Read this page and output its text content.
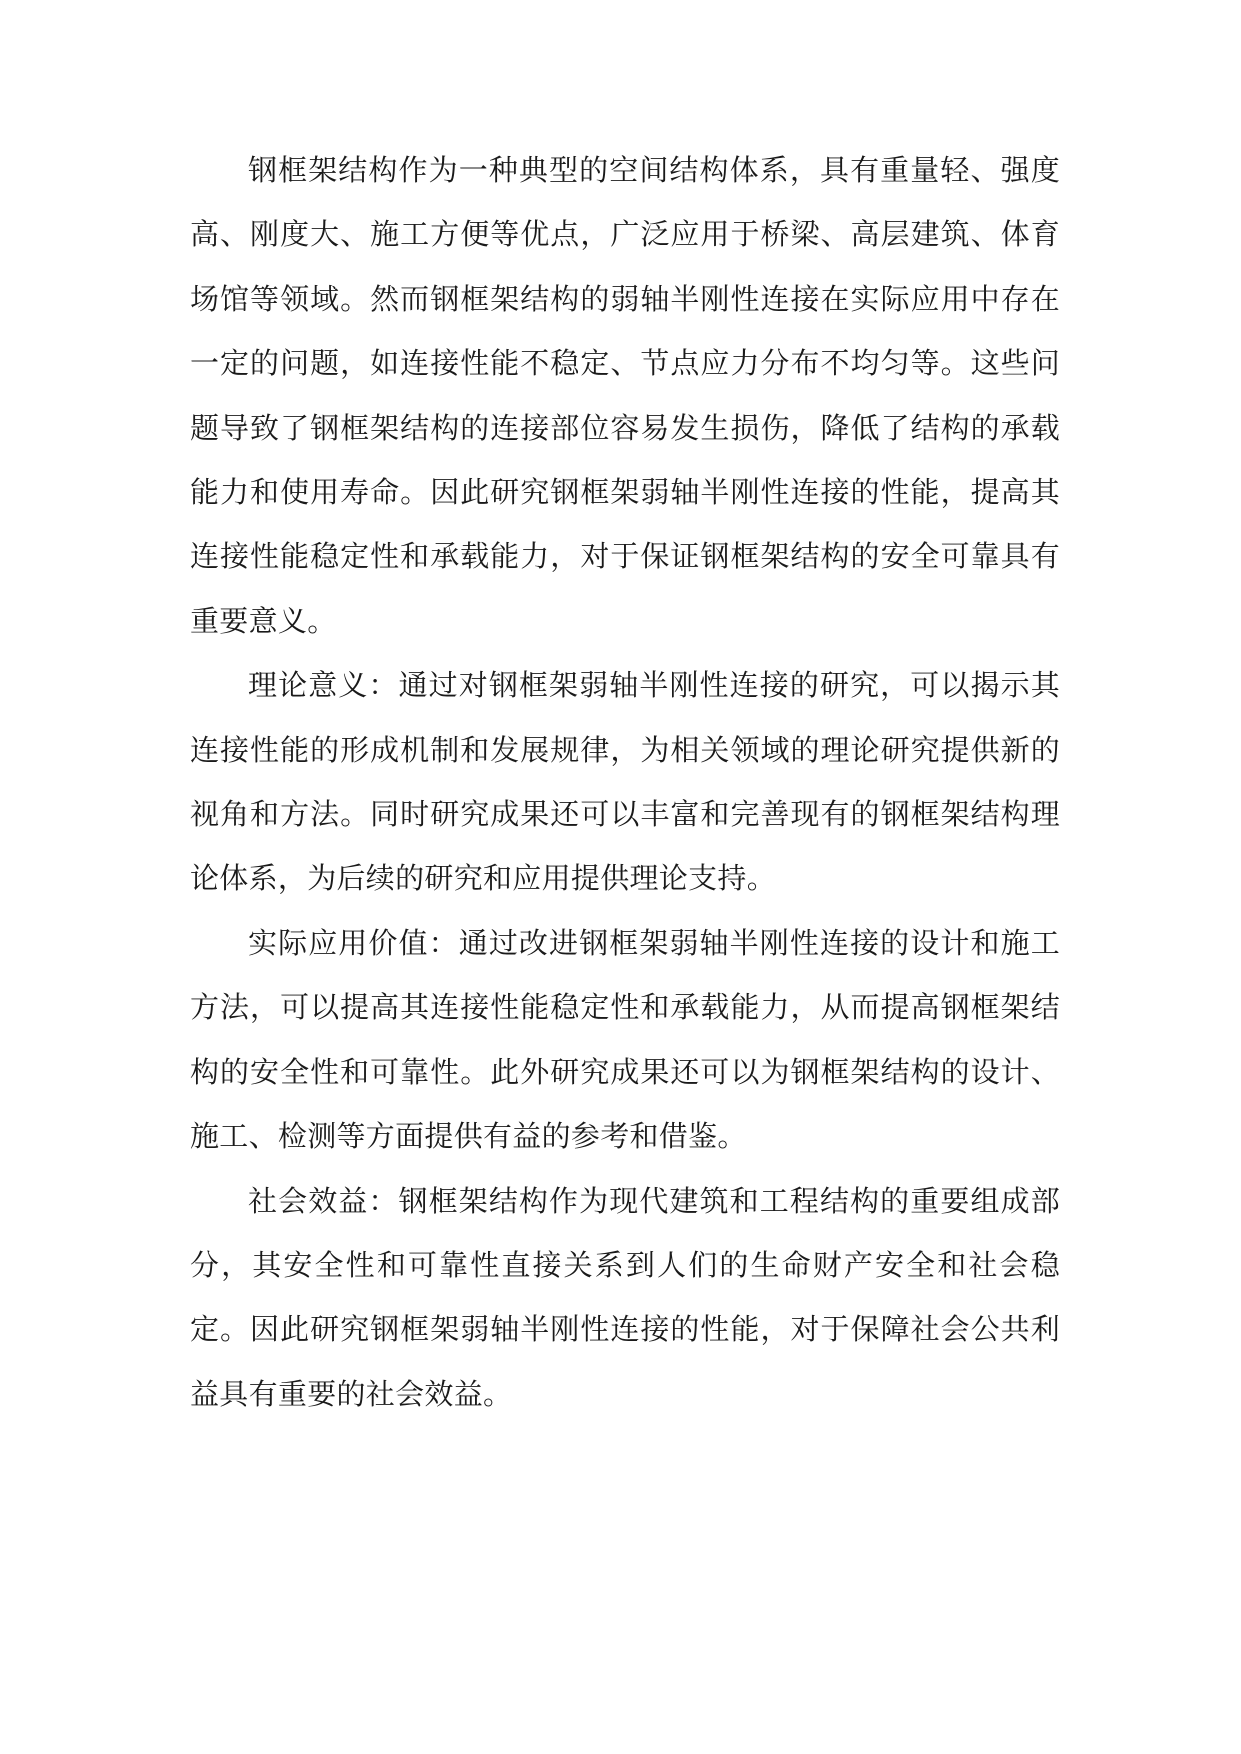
钢框架结构作为一种典型的空间结构体系，具有重量轻、强度高、刚度大、施工方便等优点，广泛应用于桥梁、高层建筑、体育场馆等领域。然而钢框架结构的弱轴半刚性连接在实际应用中存在一定的问题，如连接性能不稳定、节点应力分布不均匀等。这些问题导致了钢框架结构的连接部位容易发生损伤，降低了结构的承载能力和使用寿命。因此研究钢框架弱轴半刚性连接的性能，提高其连接性能稳定性和承载能力，对于保证钢框架结构的安全可靠具有重要意义。

理论意义：通过对钢框架弱轴半刚性连接的研究，可以揭示其连接性能的形成机制和发展规律，为相关领域的理论研究提供新的视角和方法。同时研究成果还可以丰富和完善现有的钢框架结构理论体系，为后续的研究和应用提供理论支持。

实际应用价值：通过改进钢框架弱轴半刚性连接的设计和施工方法，可以提高其连接性能稳定性和承载能力，从而提高钢框架结构的安全性和可靠性。此外研究成果还可以为钢框架结构的设计、施工、检测等方面提供有益的参考和借鉴。

社会效益：钢框架结构作为现代建筑和工程结构的重要组成部分，其安全性和可靠性直接关系到人们的生命财产安全和社会稳定。因此研究钢框架弱轴半刚性连接的性能，对于保障社会公共利益具有重要的社会效益。
